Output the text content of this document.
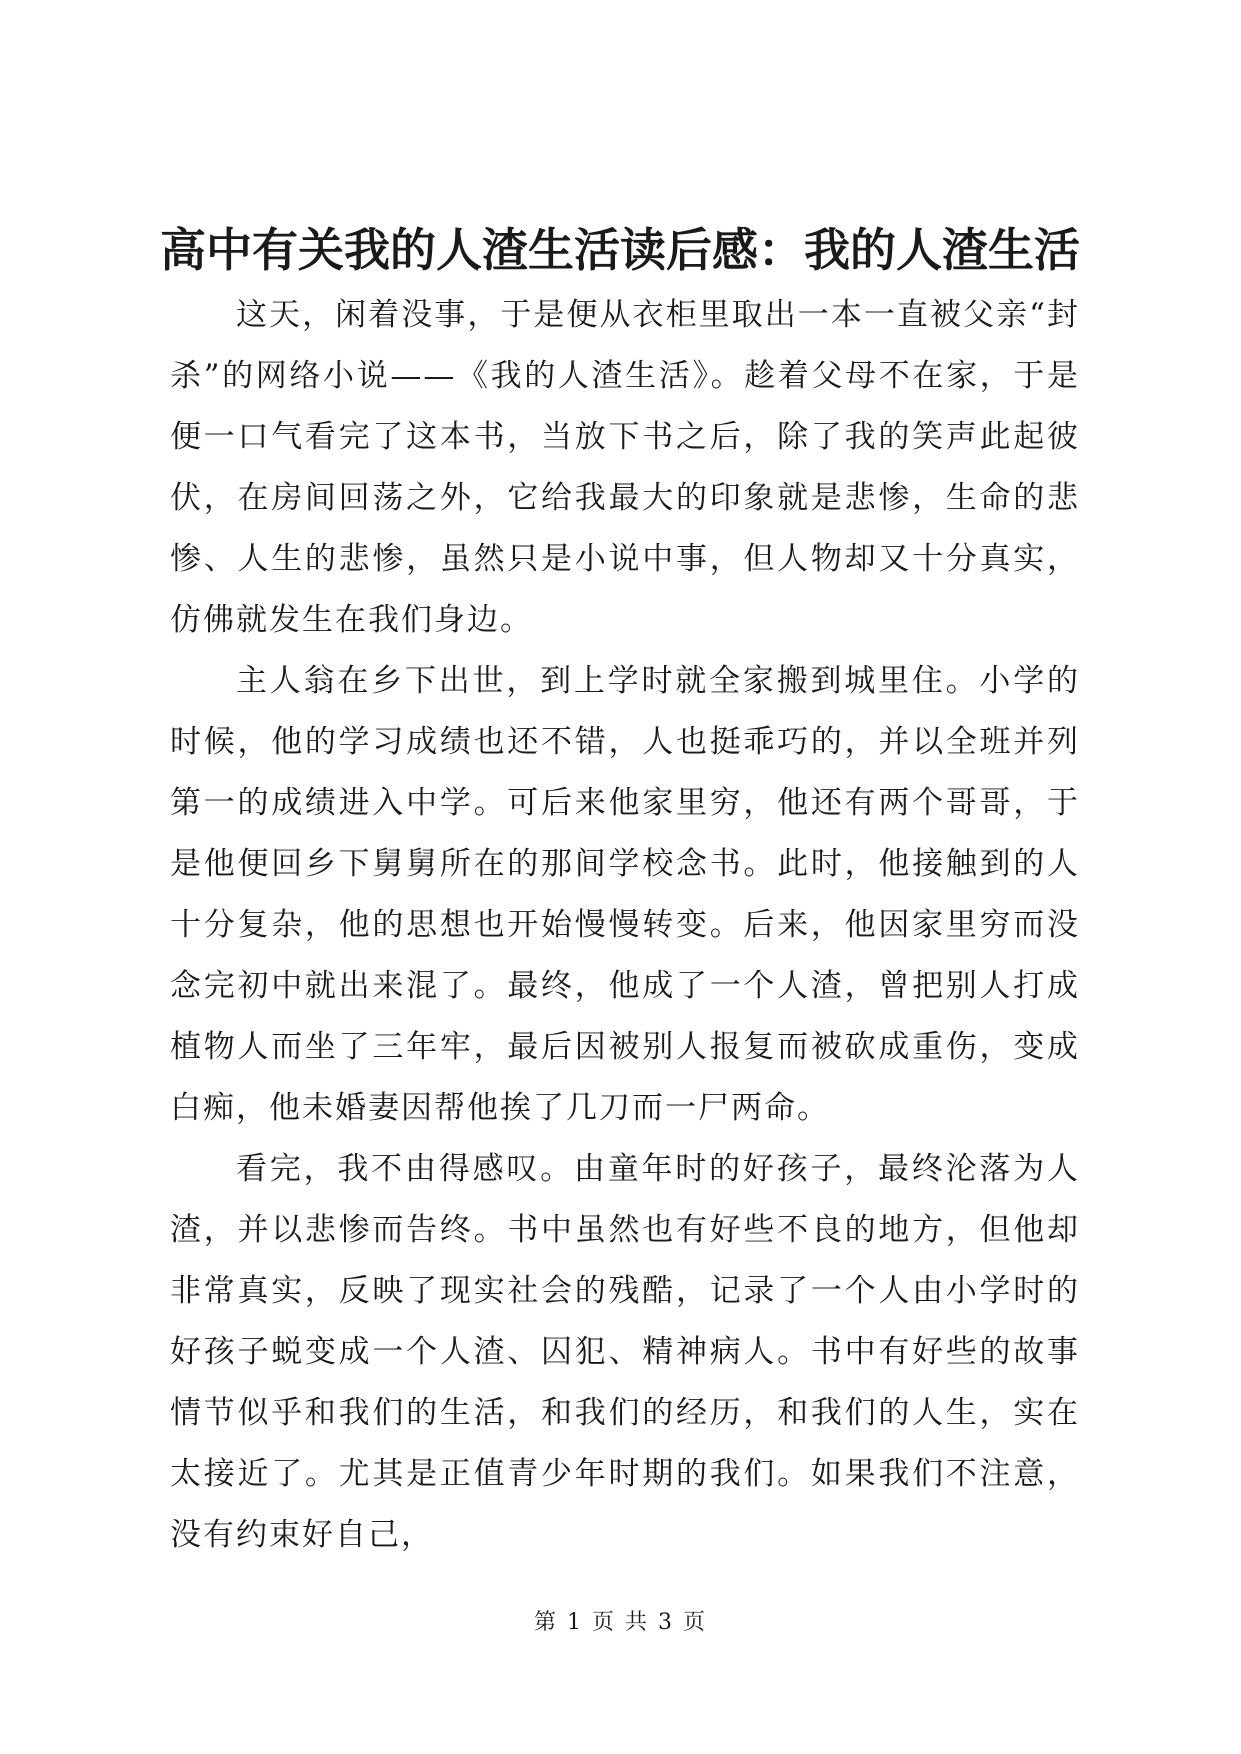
高中有关我的人渣生活读后感：我的人渣生活

这天，闲着没事，于是便从衣柜里取出一本一直被父亲“封杀”的网络小说——《我的人渣生活》。趁着父母不在家，于是便一口气看完了这本书，当放下书之后，除了我的笑声此起彼伏，在房间回荡之外，它给我最大的印象就是悲惨，生命的悲惨、人生的悲惨，虽然只是小说中事，但人物却又十分真实，仿佛就发生在我们身边。

主人翁在乡下出世，到上学时就全家搬到城里住。小学的时候，他的学习成绩也还不错，人也挺乖巧的，并以全班并列第一的成绩进入中学。可后来他家里穷，他还有两个哥哥，于是他便回乡下舅舅所在的那间学校念书。此时，他接触到的人十分复杂，他的思想也开始慢慢转变。后来，他因家里穷而没念完初中就出来混了。最终，他成了一个人渣，曾把别人打成植物人而坐了三年牢，最后因被别人报复而被砍成重伤，变成白痴，他未婚妻因帮他挨了几刀而一尸两命。

看完，我不由得感叹。由童年时的好孩子，最终沦落为人渣，并以悲惨而告终。书中虽然也有好些不良的地方，但他却非常真实，反映了现实社会的残酷，记录了一个人由小学时的好孩子蜕变成一个人渣、囚犯、精神病人。书中有好些的故事情节似乎和我们的生活，和我们的经历，和我们的人生，实在太接近了。尤其是正值青少年时期的我们。如果我们不注意，没有约束好自己，

第 1 页 共 3 页
